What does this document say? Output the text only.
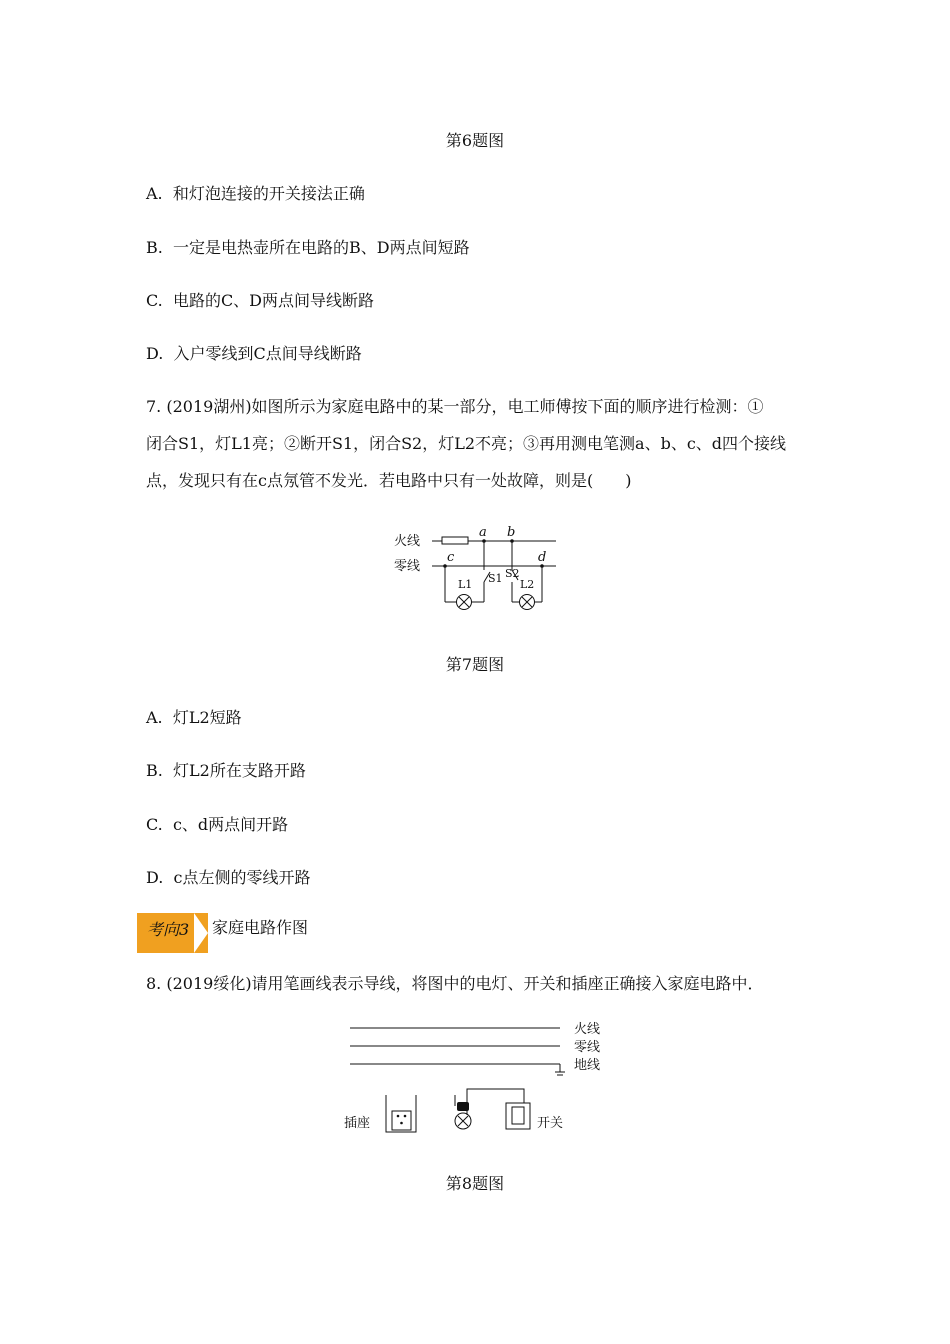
第6题图
A. 和灯泡连接的开关接法正确
B. 一定是电热壶所在电路的B、D两点间短路
C. 电路的C、D两点间导线断路
D. 入户零线到C点间导线断路
7. (2019湖州)如图所示为家庭电路中的某一部分，电工师傅按下面的顺序进行检测：①
闭合S1，灯L1亮；②断开S1，闭合S2，灯L2不亮；③再用测电笔测a、b、c、d四个接线
点，发现只有在c点氖管不发光．若电路中只有一处故障，则是(　　)
火线
零线
a b
c	d
L1	L2
S1 S2
第7题图
A. 灯L2短路
B. 灯L2所在支路开路
C. c、d两点间开路
D. c点左侧的零线开路
考向3 家庭电路作图
8. (2019绥化)请用笔画线表示导线，将图中的电灯、开关和插座正确接入家庭电路中．
火线
零线
地线
插座	开关
第8题图
